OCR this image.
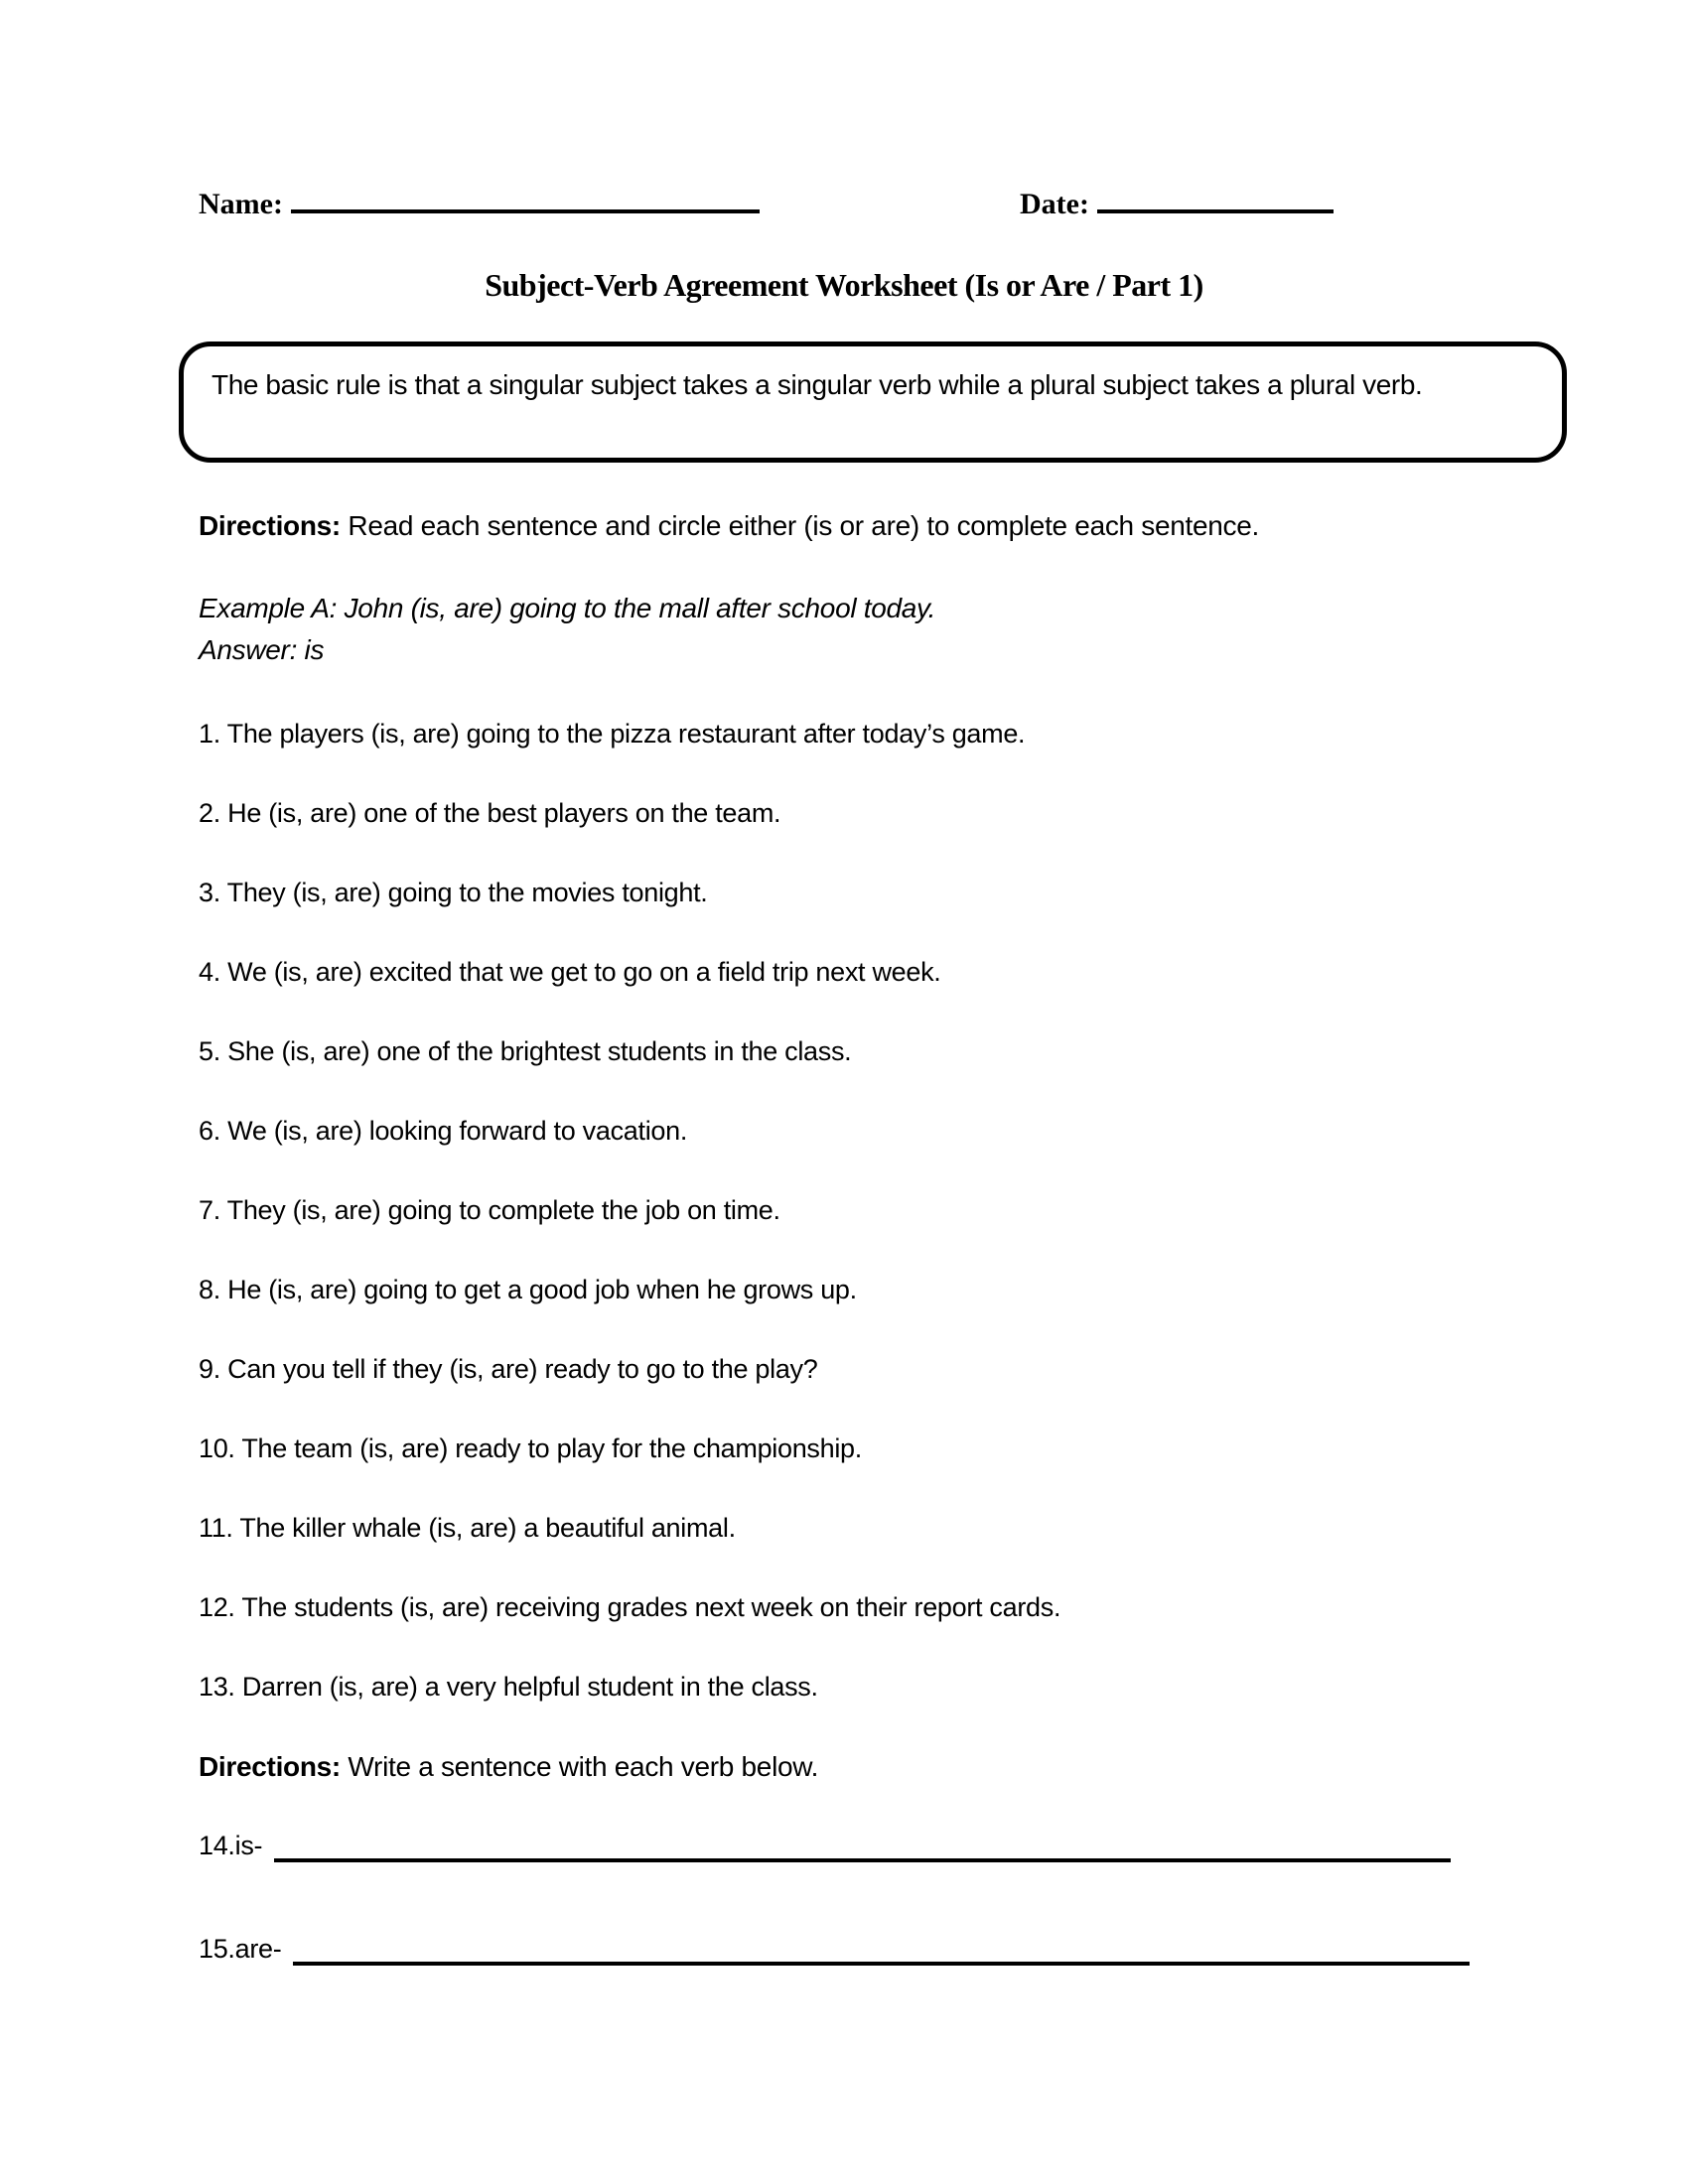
Name:	Date:
Subject-Verb Agreement Worksheet (Is or Are / Part 1)
The basic rule is that a singular subject takes a singular verb while a plural subject takes a plural verb.

Directions: Read each sentence and circle either (is or are) to complete each sentence.

Example A: John (is, are) going to the mall after school today.
Answer: is

1. The players (is, are) going to the pizza restaurant after today’s game.

2. He (is, are) one of the best players on the team.

3. They (is, are) going to the movies tonight.

4. We (is, are) excited that we get to go on a field trip next week.

5. She (is, are) one of the brightest students in the class.

6. We (is, are) looking forward to vacation.

7. They (is, are) going to complete the job on time.

8. He (is, are) going to get a good job when he grows up.

9. Can you tell if they (is, are) ready to go to the play?

10. The team (is, are) ready to play for the championship.

11. The killer whale (is, are) a beautiful animal.

12. The students (is, are) receiving grades next week on their report cards.

13. Darren (is, are) a very helpful student in the class.

Directions: Write a sentence with each verb below.

14. is-
15. are-
